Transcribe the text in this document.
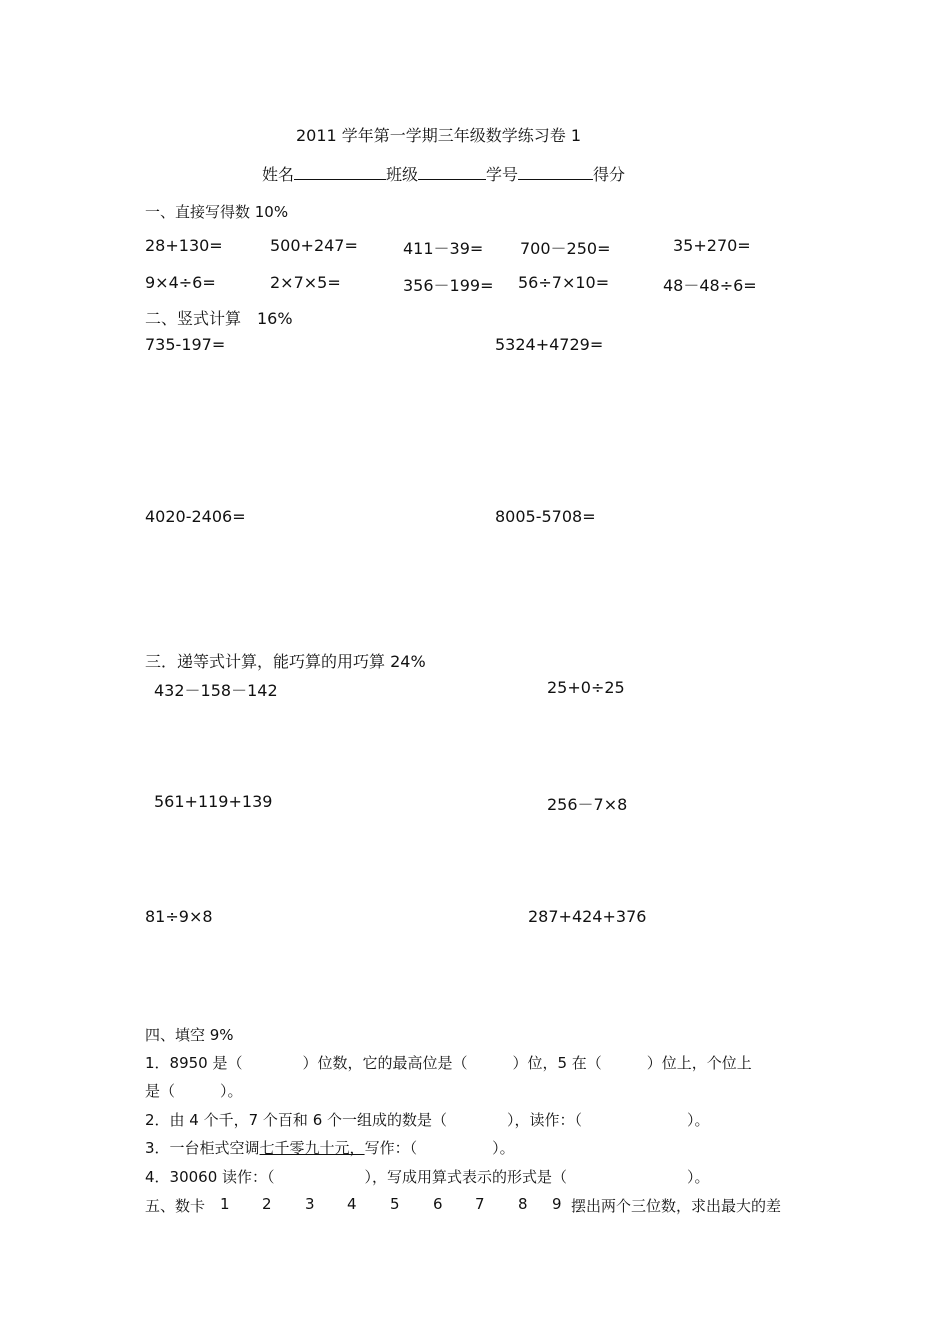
2011 学年第一学期三年级数学练习卷 1
姓名	班级	学号	得分
一、直接写得数 10%
28+130=	500+247=	411－39= 700－250=	35+270=
9×4÷6=	2×7×5=	356－199= 56÷7×10=	48－48÷6=
二、竖式计算　16%
735-197=	5324+4729=
4020-2406=	8005-5708=
三．递等式计算，能巧算的用巧算 24%
432－158－142	25+0÷25
561+119+139	256－7×8
81÷9×8	287+424+376
四、填空 9%
1．8950 是（　　　　）位数，它的最高位是（　　　）位，5 在（　　　）位上，个位上
是（　　　）。
2．由 4 个千，7 个百和 6 个一组成的数是（　　　　），读作：（　　　　　　　）。
3．一台柜式空调七千零九十元，写作：（　　　　　）。
4．30060 读作：（　　　　　　），写成用算式表示的形式是（　　　　　　　　）。
五、数卡 1 2 3 4 5 6 7 8 9 摆出两个三位数，求出最大的差
